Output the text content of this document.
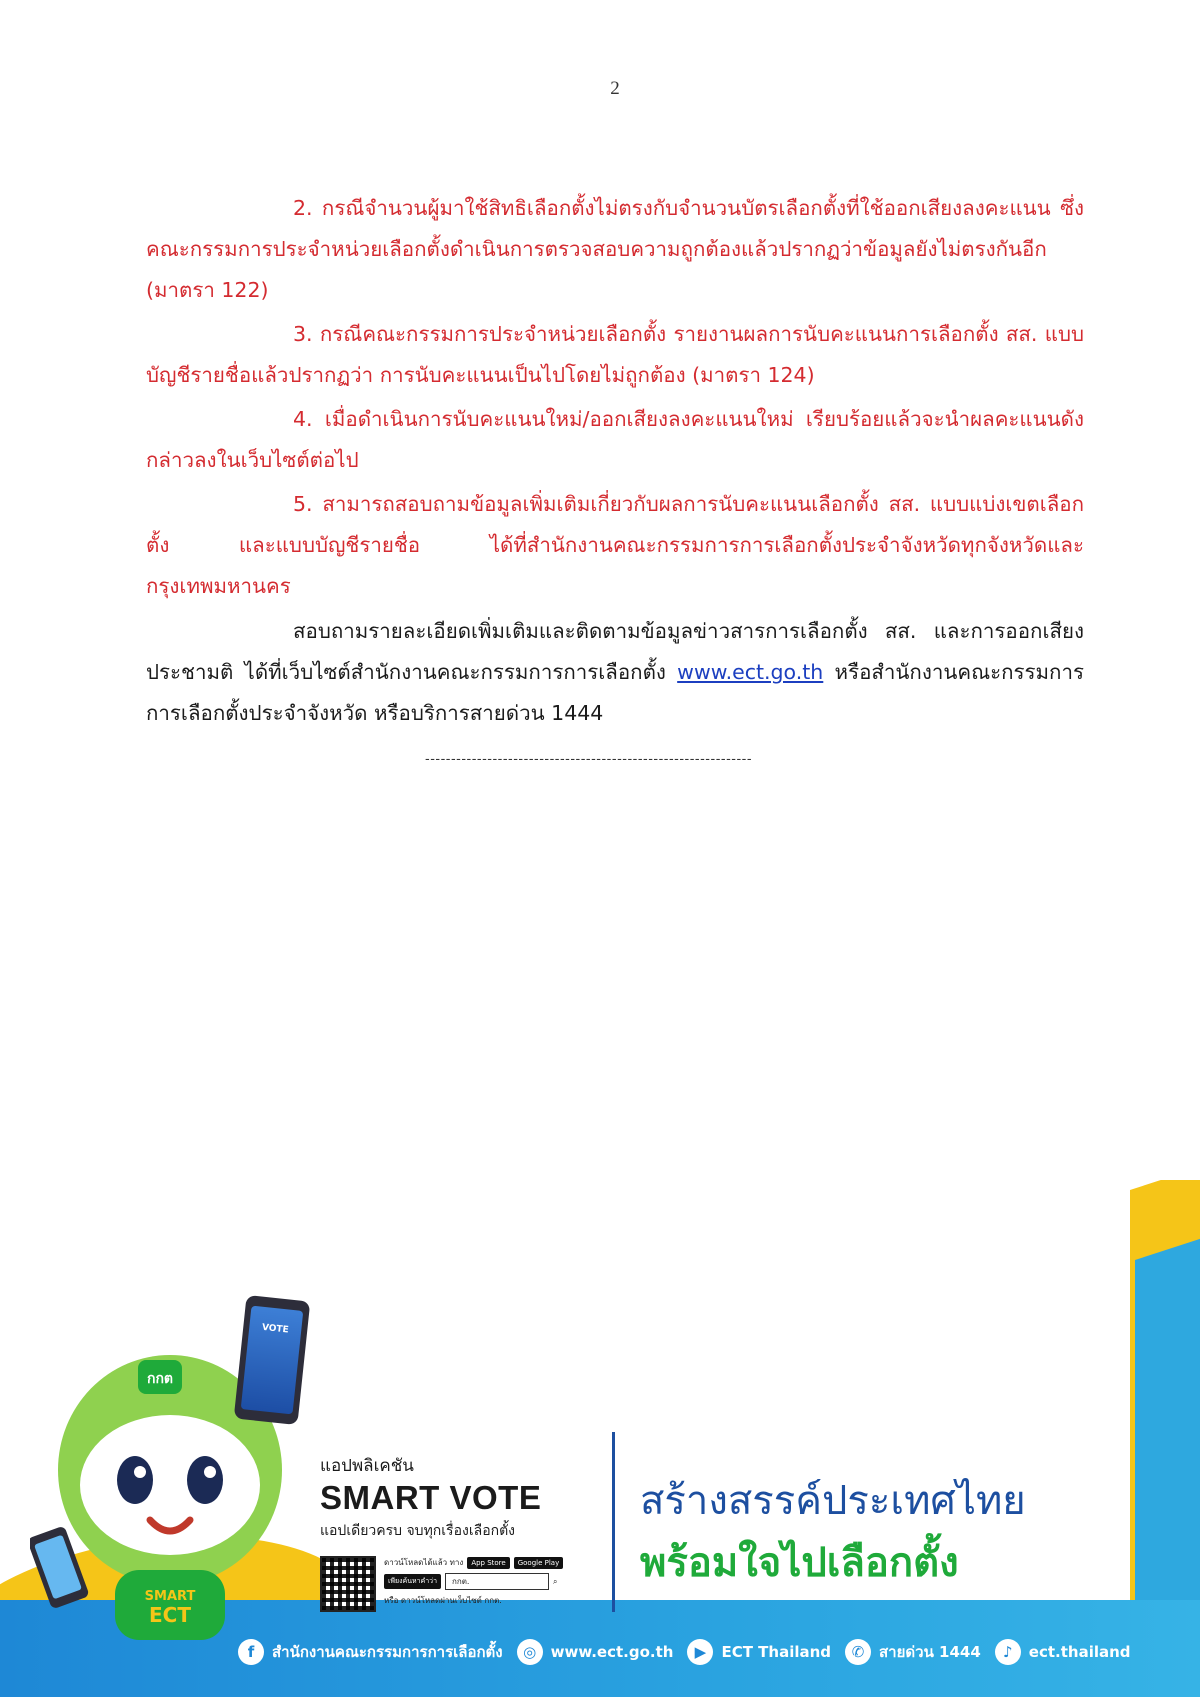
2

2. กรณีจำนวนผู้มาใช้สิทธิเลือกตั้งไม่ตรงกับจำนวนบัตรเลือกตั้งที่ใช้ออกเสียงลงคะแนน ซึ่งคณะกรรมการประจำหน่วยเลือกตั้งดำเนินการตรวจสอบความถูกต้องแล้วปรากฏว่าข้อมูลยังไม่ตรงกันอีก (มาตรา 122)

3. กรณีคณะกรรมการประจำหน่วยเลือกตั้ง รายงานผลการนับคะแนนการเลือกตั้ง สส. แบบบัญชีรายชื่อแล้วปรากฏว่า การนับคะแนนเป็นไปโดยไม่ถูกต้อง (มาตรา 124)

4. เมื่อดำเนินการนับคะแนนใหม่/ออกเสียงลงคะแนนใหม่ เรียบร้อยแล้วจะนำผลคะแนนดังกล่าวลงในเว็บไซต์ต่อไป

5. สามารถสอบถามข้อมูลเพิ่มเติมเกี่ยวกับผลการนับคะแนนเลือกตั้ง สส. แบบแบ่งเขตเลือกตั้ง และแบบบัญชีรายชื่อ ได้ที่สำนักงานคณะกรรมการการเลือกตั้งประจำจังหวัดทุกจังหวัดและกรุงเทพมหานคร

สอบถามรายละเอียดเพิ่มเติมและติดตามข้อมูลข่าวสารการเลือกตั้ง สส. และการออกเสียงประชามติ ได้ที่เว็บไซต์สำนักงานคณะกรรมการการเลือกตั้ง www.ect.go.th หรือสำนักงานคณะกรรมการการเลือกตั้งประจำจังหวัด หรือบริการสายด่วน 1444

---------------------------------------------------------------
กกต
SMART
ECT
VOTE
แอปพลิเคชัน
SMART VOTE
แอปเดียวครบ จบทุกเรื่องเลือกตั้ง
ดาวน์โหลดได้แล้ว ทาง	App Store	Google Play
เพียงค้นหาคำว่า	กกต.	⌕
หรือ ดาวน์โหลดผ่านเว็บไซต์ กกต.
สร้างสรรค์ประเทศไทย
พร้อมใจไปเลือกตั้ง
f	สำนักงานคณะกรรมการการเลือกตั้ง	◎ www.ect.go.th	▶	ECT Thailand	✆ สายด่วน 1444	♪	ect.thailand
